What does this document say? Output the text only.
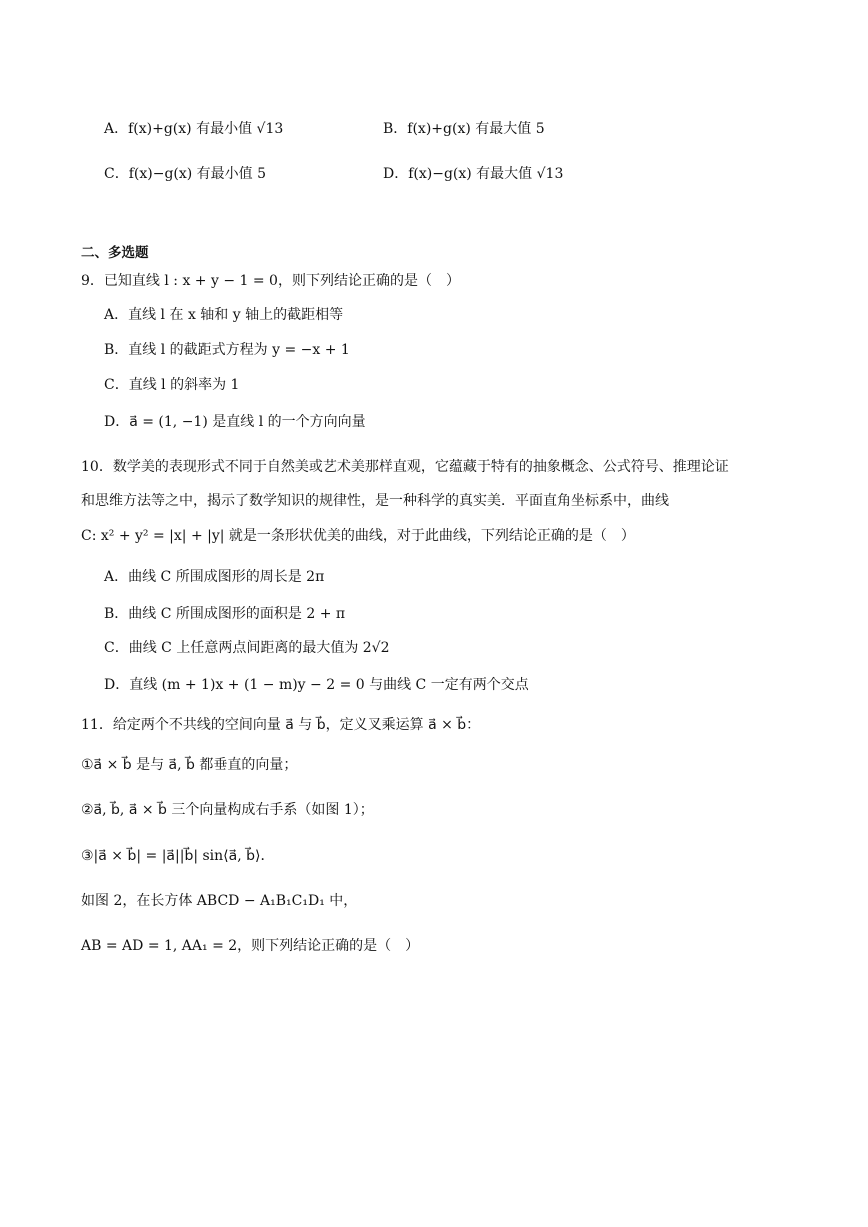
A．f(x)+g(x) 有最小值 √13	B．f(x)+g(x) 有最大值 5
C．f(x)−g(x) 有最小值 5	D．f(x)−g(x) 有最大值 √13
二、多选题
9．已知直线 l : x + y − 1 = 0，则下列结论正确的是（　）
A．直线 l 在 x 轴和 y 轴上的截距相等
B．直线 l 的截距式方程为 y = −x + 1
C．直线 l 的斜率为 1
D．a⃗ = (1, −1) 是直线 l 的一个方向向量
10．数学美的表现形式不同于自然美或艺术美那样直观，它蕴藏于特有的抽象概念、公式符号、推理论证
和思维方法等之中，揭示了数学知识的规律性，是一种科学的真实美．平面直角坐标系中，曲线
C: x² + y² = |x| + |y| 就是一条形状优美的曲线，对于此曲线，下列结论正确的是（　）
A．曲线 C 所围成图形的周长是 2π
B．曲线 C 所围成图形的面积是 2 + π
C．曲线 C 上任意两点间距离的最大值为 2√2
D．直线 (m + 1)x + (1 − m)y − 2 = 0 与曲线 C 一定有两个交点
11．给定两个不共线的空间向量 a⃗ 与 b⃗，定义叉乘运算 a⃗ × b⃗：
①a⃗ × b⃗ 是与 a⃗, b⃗ 都垂直的向量；
②a⃗, b⃗, a⃗ × b⃗ 三个向量构成右手系（如图 1）；
③|a⃗ × b⃗| = |a⃗||b⃗| sin⟨a⃗, b⃗⟩．
如图 2，在长方体 ABCD − A₁B₁C₁D₁ 中，
AB = AD = 1, AA₁ = 2，则下列结论正确的是（　）
